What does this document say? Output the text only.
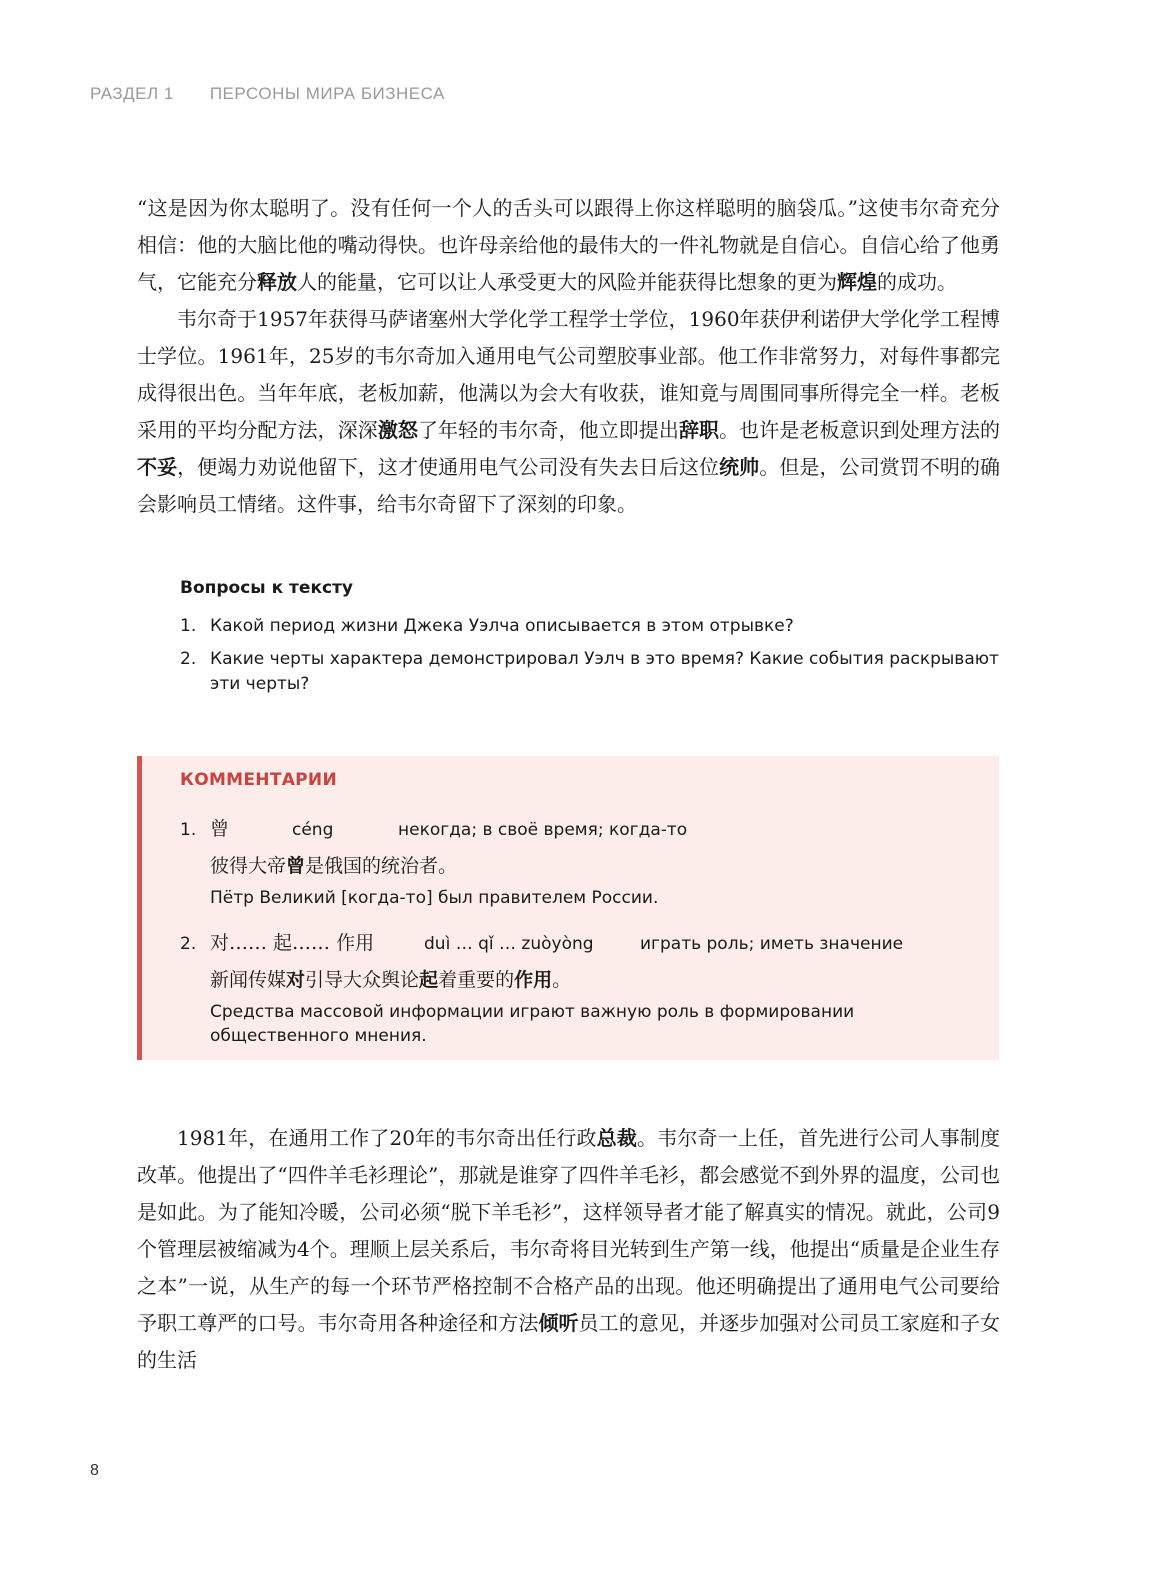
РАЗДЕЛ 1 ПЕРСОНЫ МИРА БИЗНЕСА

“这是因为你太聪明了。没有任何一个人的舌头可以跟得上你这样聪明的脑袋瓜。”这使韦尔奇充分相信：他的大脑比他的嘴动得快。也许母亲给他的最伟大的一件礼物就是自信心。自信心给了他勇气，它能充分释放人的能量，它可以让人承受更大的风险并能获得比想象的更为辉煌的成功。

韦尔奇于1957年获得马萨诸塞州大学化学工程学士学位，1960年获伊利诺伊大学化学工程博士学位。1961年，25岁的韦尔奇加入通用电气公司塑胶事业部。他工作非常努力，对每件事都完成得很出色。当年年底，老板加薪，他满以为会大有收获，谁知竟与周围同事所得完全一样。老板采用的平均分配方法，深深激怒了年轻的韦尔奇，他立即提出辞职。也许是老板意识到处理方法的不妥，便竭力劝说他留下，这才使通用电气公司没有失去日后这位统帅。但是，公司赏罚不明的确会影响员工情绪。这件事，给韦尔奇留下了深刻的印象。

Вопросы к тексту
1. Какой период жизни Джека Уэлча описывается в этом отрывке?
2. Какие черты характера демонстрировал Уэлч в это время? Какие события раскрывают эти черты?
КОММЕНТАРИИ
1. 曾	céng	некогда; в своё время; когда-то
彼得大帝曾是俄国的统治者。
Пётр Великий [когда-то] был правителем России.
2. 对…… 起…… 作用	duì … qǐ … zuòyòng	играть роль; иметь значение
新闻传媒对引导大众舆论起着重要的作用。
Средства массовой информации играют важную роль в формировании общественного мнения.

1981年，在通用工作了20年的韦尔奇出任行政总裁。韦尔奇一上任，首先进行公司人事制度改革。他提出了“四件羊毛衫理论”，那就是谁穿了四件羊毛衫，都会感觉不到外界的温度，公司也是如此。为了能知冷暖，公司必须“脱下羊毛衫”，这样领导者才能了解真实的情况。就此，公司9个管理层被缩减为4个。理顺上层关系后，韦尔奇将目光转到生产第一线，他提出“质量是企业生存之本”一说，从生产的每一个环节严格控制不合格产品的出现。他还明确提出了通用电气公司要给予职工尊严的口号。韦尔奇用各种途径和方法倾听员工的意见，并逐步加强对公司员工家庭和子女的生活

8
